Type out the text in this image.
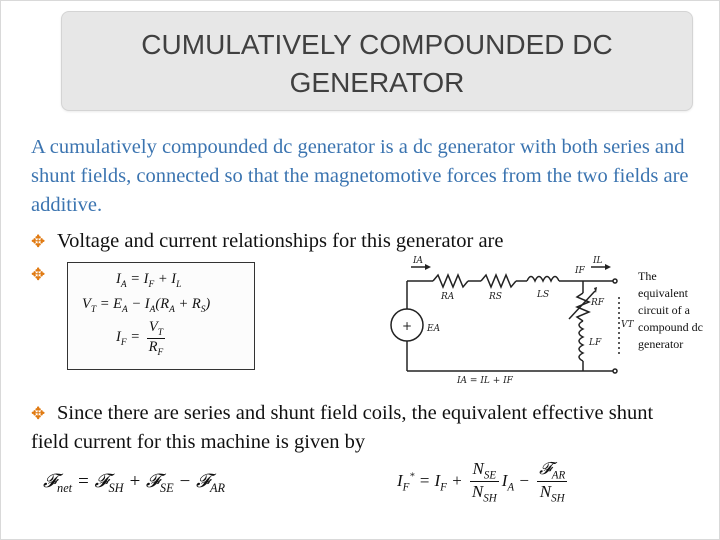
CUMULATIVELY COMPOUNDED DC
GENERATOR
A cumulatively compounded dc generator is a dc generator with both series and shunt fields, connected so that the magnetomotive forces from the two fields are additive.
✥ Voltage and current relationships for this generator are
✥	$I_A = I_F + I_L$
$V_T = E_A - I_A(R_A + R_S)$
$I_F = \frac{V_T}{R_F}$
IA	IL
RA	RS	LS
RF
LF
EA	VT
IF
IA = IL + IF
+
The equivalent circuit of a compound dc generator
✥ Since there are series and shunt field coils, the equivalent effective shunt field current for this machine is given by
𝓕$_{net}$ = 𝓕$_{SH}$ + 𝓕$_{SE}$ − 𝓕$_{AR}$	$I_F^* = I_F + \frac{N_{SE}}{N_{SH}} I_A - \frac{𝓕_{AR}}{N_{SH}}$
